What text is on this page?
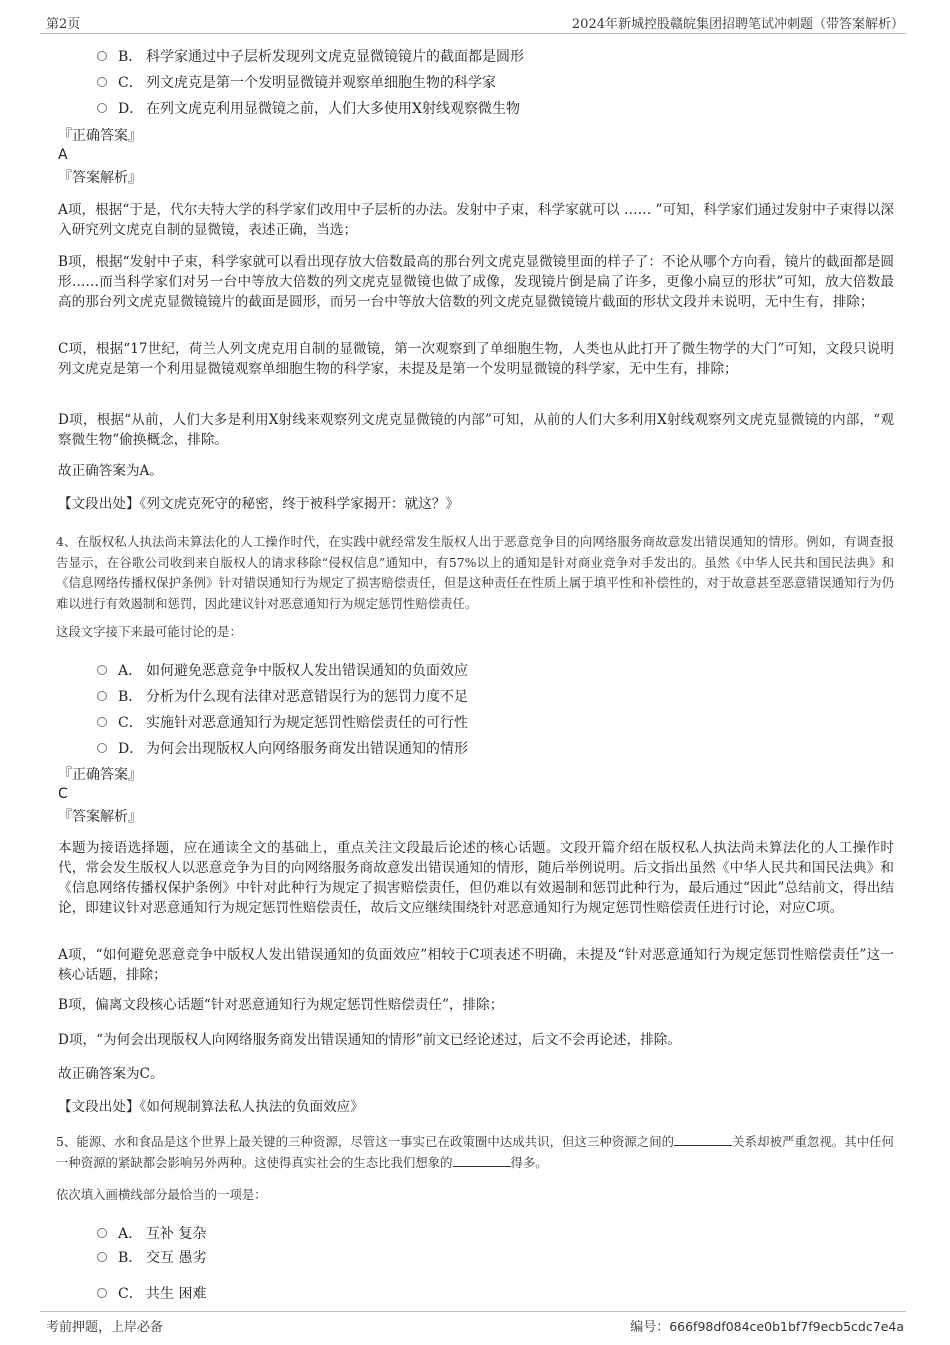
第2页	2024年新城控股赣皖集团招聘笔试冲刺题（带答案解析）
B． 科学家通过中子层析发现列文虎克显微镜镜片的截面都是圆形
C． 列文虎克是第一个发明显微镜并观察单细胞生物的科学家
D． 在列文虎克利用显微镜之前，人们大多使用X射线观察微生物
『正确答案』
A
『答案解析』
A项，根据“于是，代尔夫特大学的科学家们改用中子层析的办法。发射中子束，科学家就可以 …… ”可知，科学家们通过发射中子束得以深入研究列文虎克自制的显微镜，表述正确，当选；
B项，根据“发射中子束，科学家就可以看出现存放大倍数最高的那台列文虎克显微镜里面的样子了：不论从哪个方向看，镜片的截面都是圆形……而当科学家们对另一台中等放大倍数的列文虎克显微镜也做了成像，发现镜片倒是扁了许多，更像小扁豆的形状”可知，放大倍数最高的那台列文虎克显微镜镜片的截面是圆形，而另一台中等放大倍数的列文虎克显微镜镜片截面的形状文段并未说明，无中生有，排除；
C项，根据“17世纪，荷兰人列文虎克用自制的显微镜，第一次观察到了单细胞生物，人类也从此打开了微生物学的大门”可知，文段只说明列文虎克是第一个利用显微镜观察单细胞生物的科学家，未提及是第一个发明显微镜的科学家，无中生有，排除；
D项，根据“从前，人们大多是利用X射线来观察列文虎克显微镜的内部”可知，从前的人们大多利用X射线观察列文虎克显微镜的内部，“观察微生物”偷换概念，排除。
故正确答案为A。
【文段出处】《列文虎克死守的秘密，终于被科学家揭开：就这？》
4、在版权私人执法尚未算法化的人工操作时代，在实践中就经常发生版权人出于恶意竞争目的向网络服务商故意发出错误通知的情形。例如，有调查报告显示，在谷歌公司收到来自版权人的请求移除“侵权信息”通知中，有57%以上的通知是针对商业竞争对手发出的。虽然《中华人民共和国民法典》和《信息网络传播权保护条例》针对错误通知行为规定了损害赔偿责任，但是这种责任在性质上属于填平性和补偿性的，对于故意甚至恶意错误通知行为仍难以进行有效遏制和惩罚，因此建议针对恶意通知行为规定惩罚性赔偿责任。
这段文字接下来最可能讨论的是：
A． 如何避免恶意竞争中版权人发出错误通知的负面效应
B． 分析为什么现有法律对恶意错误行为的惩罚力度不足
C． 实施针对恶意通知行为规定惩罚性赔偿责任的可行性
D． 为何会出现版权人向网络服务商发出错误通知的情形
『正确答案』
C
『答案解析』
本题为接语选择题，应在通读全文的基础上，重点关注文段最后论述的核心话题。文段开篇介绍在版权私人执法尚未算法化的人工操作时代，常会发生版权人以恶意竞争为目的向网络服务商故意发出错误通知的情形，随后举例说明。后文指出虽然《中华人民共和国民法典》和《信息网络传播权保护条例》中针对此种行为规定了损害赔偿责任，但仍难以有效遏制和惩罚此种行为，最后通过“因此”总结前文，得出结论，即建议针对恶意通知行为规定惩罚性赔偿责任，故后文应继续围绕针对恶意通知行为规定惩罚性赔偿责任进行讨论，对应C项。
A项，“如何避免恶意竞争中版权人发出错误通知的负面效应”相较于C项表述不明确，未提及“针对恶意通知行为规定惩罚性赔偿责任”这一核心话题，排除；
B项，偏离文段核心话题“针对恶意通知行为规定惩罚性赔偿责任”，排除；
D项，“为何会出现版权人向网络服务商发出错误通知的情形”前文已经论述过，后文不会再论述，排除。
故正确答案为C。
【文段出处】《如何规制算法私人执法的负面效应》
5、能源、水和食品是这个世界上最关键的三种资源，尽管这一事实已在政策圈中达成共识，但这三种资源之间的	关系却被严重忽视。其中任何一种资源的紧缺都会影响另外两种。这使得真实社会的生态比我们想象的	得多。
依次填入画横线部分最恰当的一项是：
A． 互补 复杂
B． 交互 愚劣
C． 共生 困难
考前押题，上岸必备	编号：666f98df084ce0b1bf7f9ecb5cdc7e4a
